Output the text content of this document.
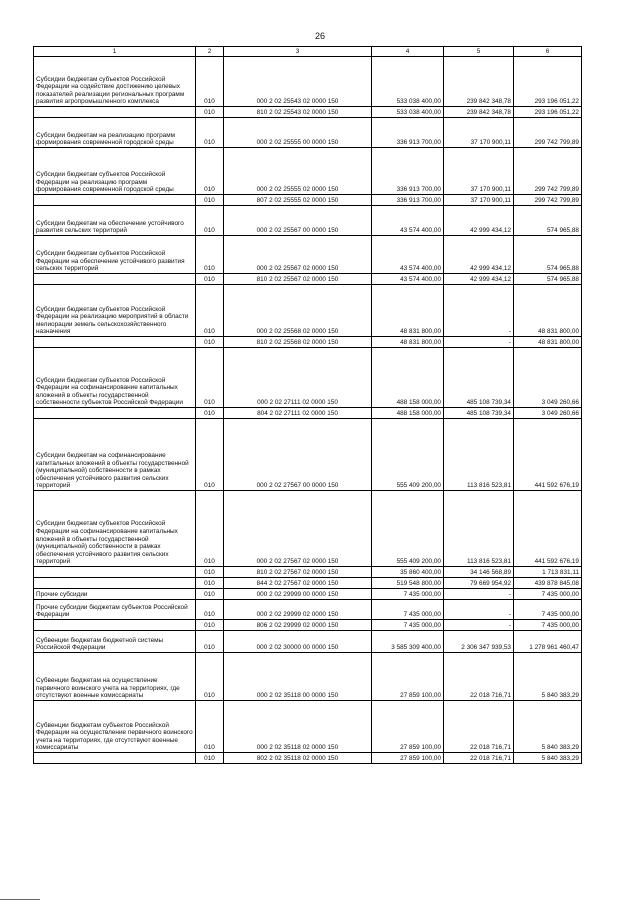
26
1	2	3	4	5	6
Субсидии бюджетам субъектов Российской Федерации на содействие достижению целевых показателей реализации региональных программ развития агропромышленного комплекса	010	000 2 02 25543 02 0000 150	533 038 400,00	239 842 348,78	293 196 051,22
	010	810 2 02 25543 02 0000 150	533 038 400,00	239 842 348,78	293 196 051,22
Субсидии бюджетам на реализацию программ формирования современной городской среды	010	000 2 02 25555 00 0000 150	336 913 700,00	37 170 900,11	299 742 799,89
Субсидии бюджетам субъектов Российской Федерации на реализацию программ формирования современной городской среды	010	000 2 02 25555 02 0000 150	336 913 700,00	37 170 900,11	299 742 799,89
	010	807 2 02 25555 02 0000 150	336 913 700,00	37 170 900,11	299 742 799,89
Субсидии бюджетам на обеспечение устойчивого развития сельских территорий	010	000 2 02 25567 00 0000 150	43 574 400,00	42 999 434,12	574 965,88
Субсидии бюджетам субъектов Российской Федерации на обеспечение устойчивого развития сельских территорий	010	000 2 02 25567 02 0000 150	43 574 400,00	42 999 434,12	574 965,88
	010	810 2 02 25567 02 0000 150	43 574 400,00	42 999 434,12	574 965,88
Субсидии бюджетам субъектов Российской Федерации на реализацию мероприятий в области мелиорации земель сельскохозяйственного назначения	010	000 2 02 25568 02 0000 150	48 831 800,00	-	48 831 800,00
	010	810 2 02 25568 02 0000 150	48 831 800,00	-	48 831 800,00
Субсидии бюджетам субъектов Российской Федерации на софинансирование капитальных вложений в объекты государственной собственности субъектов Российской Федерации	010	000 2 02 27111 02 0000 150	488 158 000,00	485 108 739,34	3 049 260,66
	010	804 2 02 27111 02 0000 150	488 158 000,00	485 108 739,34	3 049 260,66
Субсидии бюджетам на софинансирование капитальных вложений в объекты государственной (муниципальной) собственности в рамках обеспечения устойчивого развития сельских территорий	010	000 2 02 27567 00 0000 150	555 409 200,00	113 816 523,81	441 592 676,19
Субсидии бюджетам субъектов Российской Федерации на софинансирование капитальных вложений в объекты государственной (муниципальной) собственности в рамках обеспечения устойчивого развития сельских территорий	010	000 2 02 27567 02 0000 150	555 409 200,00	113 816 523,81	441 592 676,19
	010	810 2 02 27567 02 0000 150	35 860 400,00	34 146 568,89	1 713 831,11
	010	844 2 02 27567 02 0000 150	519 548 800,00	79 669 954,92	439 878 845,08
Прочие субсидии	010	000 2 02 29999 00 0000 150	7 435 000,00	-	7 435 000,00
Прочие субсидии бюджетам субъектов Российской Федерации	010	000 2 02 29999 02 0000 150	7 435 000,00	-	7 435 000,00
	010	806 2 02 29999 02 0000 150	7 435 000,00	-	7 435 000,00
Субвенции бюджетам бюджетной системы Российской Федерации	010	000 2 02 30000 00 0000 150	3 585 309 400,00	2 306 347 939,53	1 278 961 460,47
Субвенции бюджетам на осуществление первичного воинского учета на территориях, где отсутствуют военные комиссариаты	010	000 2 02 35118 00 0000 150	27 859 100,00	22 018 716,71	5 840 383,29
Субвенции бюджетам субъектов Российской Федерации на осуществление первичного воинского учета на территориях, где отсутствуют военные комиссариаты	010	000 2 02 35118 02 0000 150	27 859 100,00	22 018 716,71	5 840 383,29
	010	802 2 02 35118 02 0000 150	27 859 100,00	22 018 716,71	5 840 383,29
